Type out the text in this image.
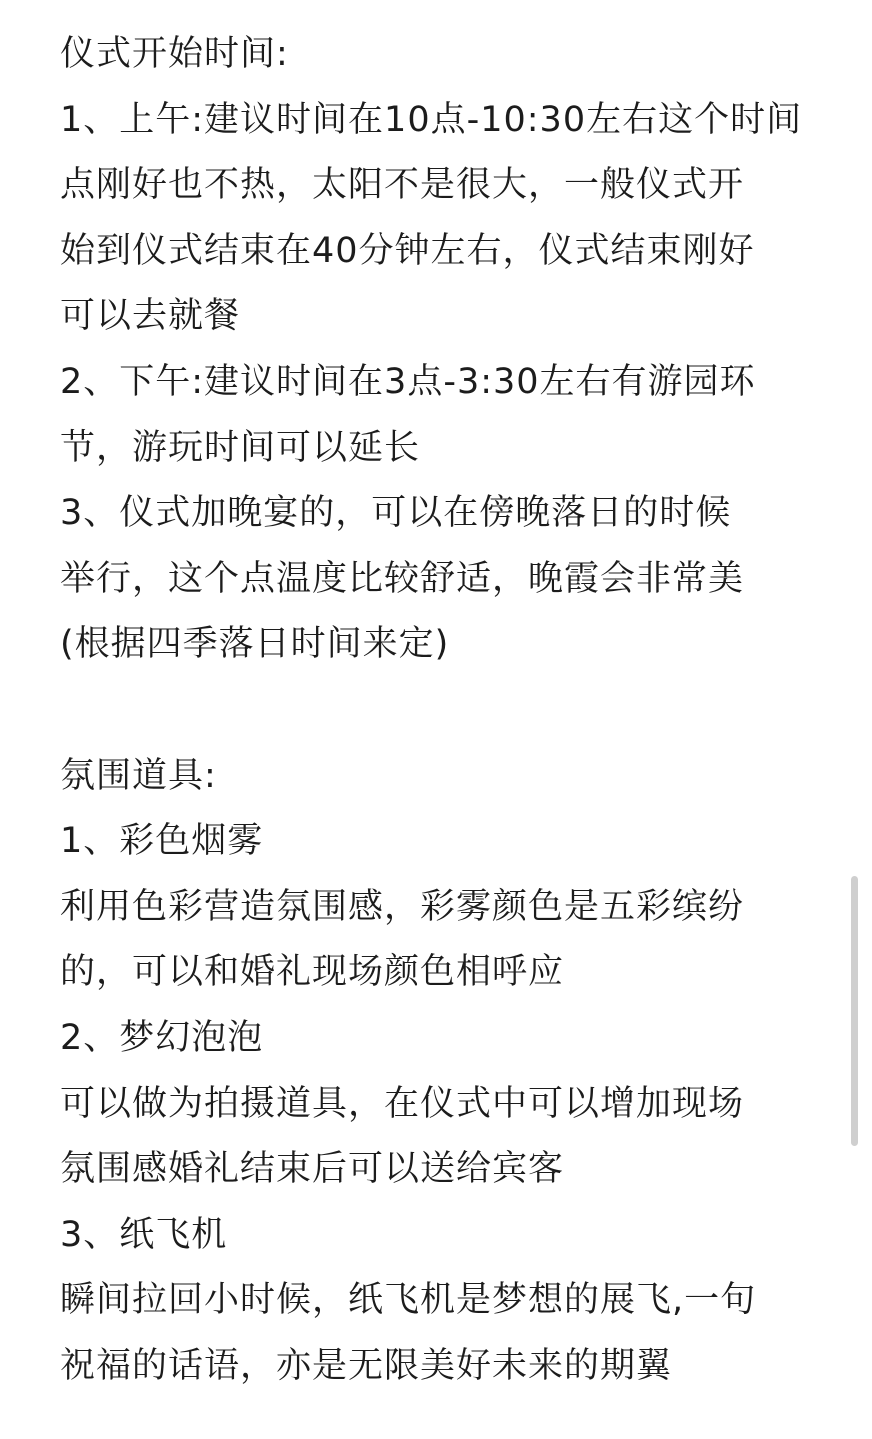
仪式开始时间:
1、上午:建议时间在10点-10:30左右这个时间
点刚好也不热，太阳不是很大，一般仪式开
始到仪式结束在40分钟左右，仪式结束刚好
可以去就餐
2、下午:建议时间在3点-3:30左右有游园环
节，游玩时间可以延长
3、仪式加晚宴的，可以在傍晚落日的时候
举行，这个点温度比较舒适，晚霞会非常美
(根据四季落日时间来定)
氛围道具:
1、彩色烟雾
利用色彩营造氛围感，彩雾颜色是五彩缤纷
的，可以和婚礼现场颜色相呼应
2、梦幻泡泡
可以做为拍摄道具，在仪式中可以增加现场
氛围感婚礼结束后可以送给宾客
3、纸飞机
瞬间拉回小时候，纸飞机是梦想的展飞,一句
祝福的话语，亦是无限美好未来的期翼
